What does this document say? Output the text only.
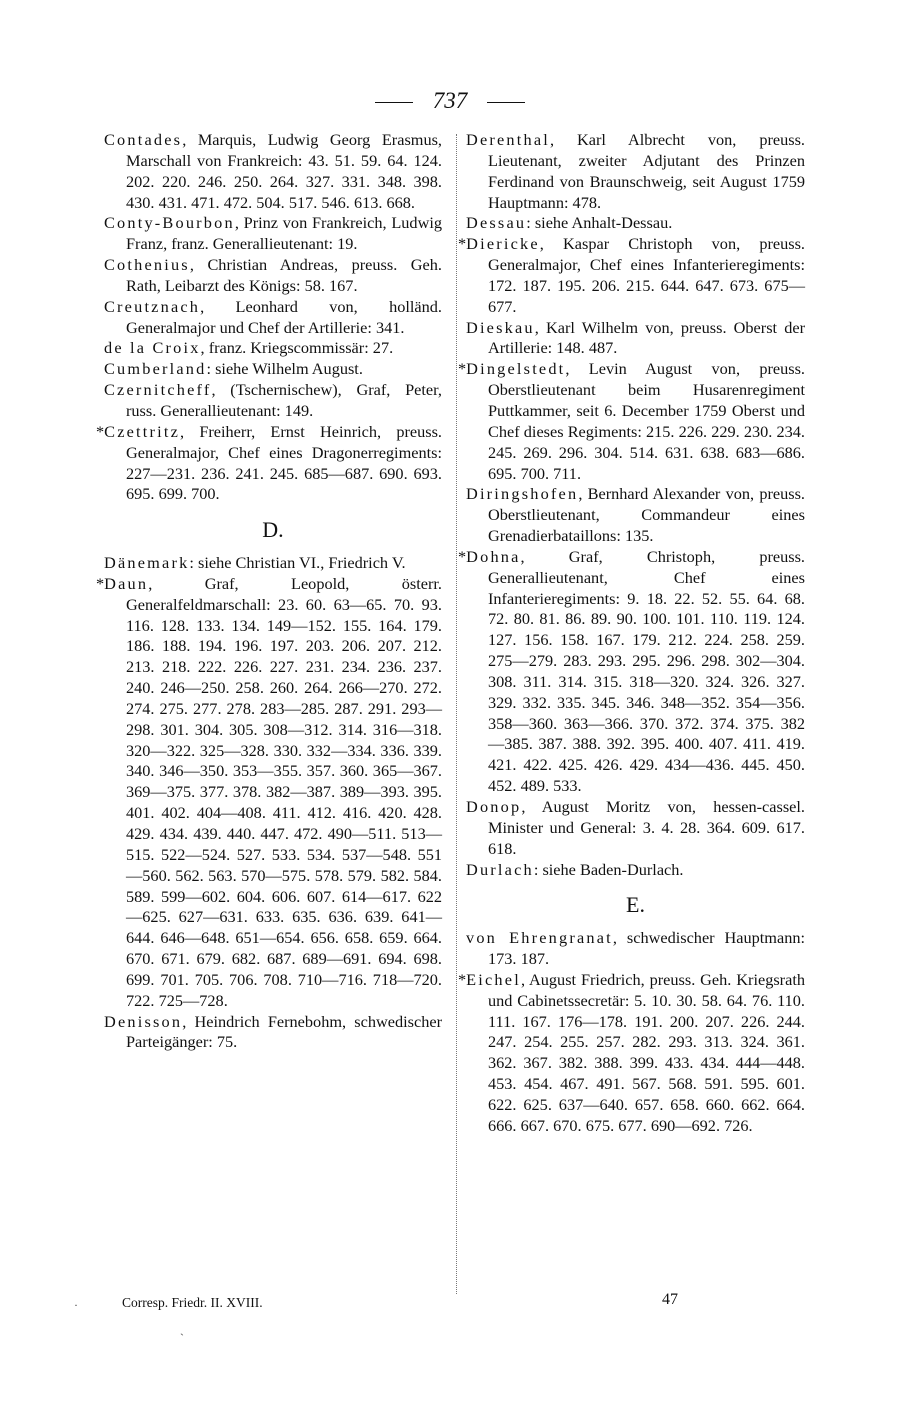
737
Contades, Marquis, Ludwig Georg Erasmus, Marschall von Frankreich: 43. 51. 59. 64. 124. 202. 220. 246. 250. 264. 327. 331. 348. 398. 430. 431. 471. 472. 504. 517. 546. 613. 668.
Conty-Bourbon, Prinz von Frankreich, Ludwig Franz, franz. Generallieutenant: 19.
Cothenius, Christian Andreas, preuss. Geh. Rath, Leibarzt des Königs: 58. 167.
Creutznach, Leonhard von, holländ. Generalmajor und Chef der Artillerie: 341.
de la Croix, franz. Kriegscommissär: 27.
Cumberland: siehe Wilhelm August.
Czernitcheff, (Tschernischew), Graf, Peter, russ. Generallieutenant: 149.
*Czettritz, Freiherr, Ernst Heinrich, preuss. Generalmajor, Chef eines Dragonerregiments: 227—231. 236. 241. 245. 685—687. 690. 693. 695. 699. 700.
D.
Dänemark: siehe Christian VI., Friedrich V.
*Daun, Graf, Leopold, österr. Generalfeldmarschall: 23. 60. 63—65. 70. 93. 116. 128. 133. 134. 149—152. 155. 164. 179. 186. 188. 194. 196. 197. 203. 206. 207. 212. 213. 218. 222. 226. 227. 231. 234. 236. 237. 240. 246—250. 258. 260. 264. 266—270. 272. 274. 275. 277. 278. 283—285. 287. 291. 293—298. 301. 304. 305. 308—312. 314. 316—318. 320—322. 325—328. 330. 332—334. 336. 339. 340. 346—350. 353—355. 357. 360. 365—367. 369—375. 377. 378. 382—387. 389—393. 395. 401. 402. 404—408. 411. 412. 416. 420. 428. 429. 434. 439. 440. 447. 472. 490—511. 513—515. 522—524. 527. 533. 534. 537—548. 551—560. 562. 563. 570—575. 578. 579. 582. 584. 589. 599—602. 604. 606. 607. 614—617. 622—625. 627—631. 633. 635. 636. 639. 641—644. 646—648. 651—654. 656. 658. 659. 664. 670. 671. 679. 682. 687. 689—691. 694. 698. 699. 701. 705. 706. 708. 710—716. 718—720. 722. 725—728.
Denisson, Heindrich Fernebohm, schwedischer Parteigänger: 75.
Derenthal, Karl Albrecht von, preuss. Lieutenant, zweiter Adjutant des Prinzen Ferdinand von Braunschweig, seit August 1759 Hauptmann: 478.
Dessau: siehe Anhalt-Dessau.
*Diericke, Kaspar Christoph von, preuss. Generalmajor, Chef eines Infanterieregiments: 172. 187. 195. 206. 215. 644. 647. 673. 675—677.
Dieskau, Karl Wilhelm von, preuss. Oberst der Artillerie: 148. 487.
*Dingelstedt, Levin August von, preuss. Oberstlieutenant beim Husarenregiment Puttkammer, seit 6. December 1759 Oberst und Chef dieses Regiments: 215. 226. 229. 230. 234. 245. 269. 296. 304. 514. 631. 638. 683—686. 695. 700. 711.
Diringshofen, Bernhard Alexander von, preuss. Oberstlieutenant, Commandeur eines Grenadierbataillons: 135.
*Dohna, Graf, Christoph, preuss. Generallieutenant, Chef eines Infanterieregiments: 9. 18. 22. 52. 55. 64. 68. 72. 80. 81. 86. 89. 90. 100. 101. 110. 119. 124. 127. 156. 158. 167. 179. 212. 224. 258. 259. 275—279. 283. 293. 295. 296. 298. 302—304. 308. 311. 314. 315. 318—320. 324. 326. 327. 329. 332. 335. 345. 346. 348—352. 354—356. 358—360. 363—366. 370. 372. 374. 375. 382—385. 387. 388. 392. 395. 400. 407. 411. 419. 421. 422. 425. 426. 429. 434—436. 445. 450. 452. 489. 533.
Donop, August Moritz von, hessen-cassel. Minister und General: 3. 4. 28. 364. 609. 617. 618.
Durlach: siehe Baden-Durlach.
E.
von Ehrengranat, schwedischer Hauptmann: 173. 187.
*Eichel, August Friedrich, preuss. Geh. Kriegsrath und Cabinetssecretär: 5. 10. 30. 58. 64. 76. 110. 111. 167. 176—178. 191. 200. 207. 226. 244. 247. 254. 255. 257. 282. 293. 313. 324. 361. 362. 367. 382. 388. 399. 433. 434. 444—448. 453. 454. 467. 491. 567. 568. 591. 595. 601. 622. 625. 637—640. 657. 658. 660. 662. 664. 666. 667. 670. 675. 677. 690—692. 726.
Corresp. Friedr. II. XVIII.	47
·
ˎ
